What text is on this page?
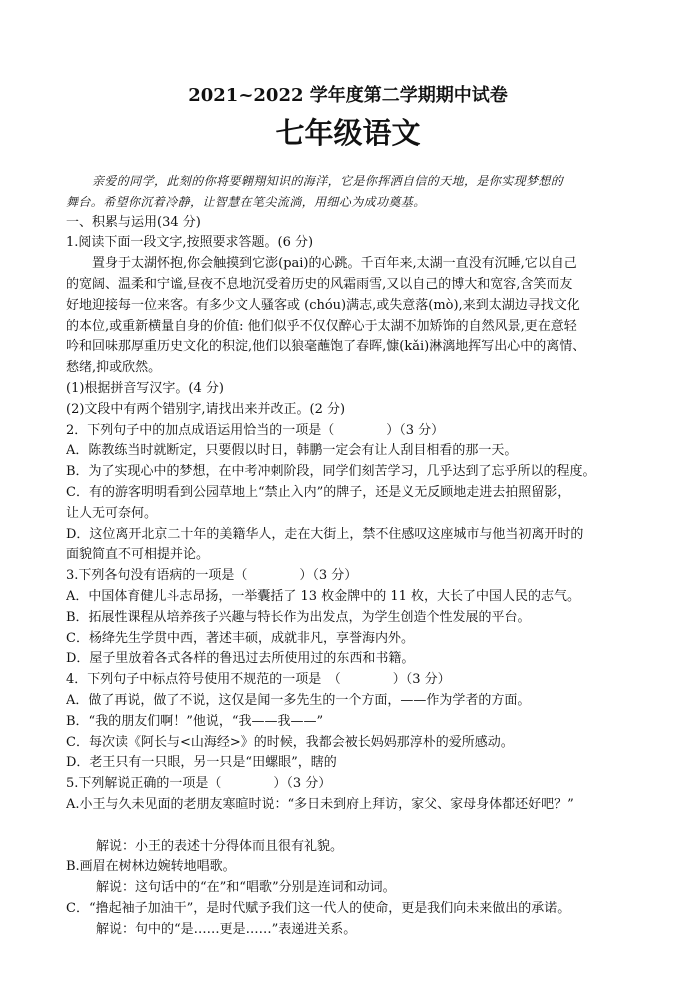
2021~2022 学年度第二学期期中试卷
七年级语文
亲爱的同学，此刻的你将要翱翔知识的海洋，它是你挥洒自信的天地，是你实现梦想的
舞台。希望你沉着冷静，让智慧在笔尖流淌，用细心为成功奠基。
一、积累与运用(34 分)
1.阅读下面一段文字,按照要求答题。(6 分)
置身于太湖怀抱,你会触摸到它澎(pai)的心跳。千百年来,太湖一直没有沉睡,它以自己
的宽阔、温柔和宁谧,昼夜不息地沉受着历史的风霜雨雪,又以自己的博大和宽容,含笑而友
好地迎接每一位来客。有多少文人骚客或 (chóu)满志,或失意落(mò),来到太湖边寻找文化
的本位,或重新横量自身的价值: 他们似乎不仅仅醉心于太湖不加矫饰的自然风景,更在意轻
吟和回味那厚重历史文化的积淀,他们以狼毫蘸饱了春晖,慷(kǎi)淋漓地挥写出心中的离情、
愁绪,抑或欣然。
(1)根据拼音写汉字。(4 分)
(2)文段中有两个错别字,请找出来并改正。(2 分)
2．下列句子中的加点成语运用恰当的一项是（　　　　）（3 分）
A．陈教练当时就断定，只要假以时日，韩鹏一定会有让人刮目相看的那一天。
B．为了实现心中的梦想，在中考冲刺阶段，同学们刻苦学习，几乎达到了忘乎所以的程度。
C．有的游客明明看到公园草地上“禁止入内”的牌子，还是义无反顾地走进去拍照留影，
让人无可奈何。
D．这位离开北京二十年的美籍华人，走在大街上，禁不住感叹这座城市与他当初离开时的
面貌简直不可相提并论。
3.下列各句没有语病的一项是（　　　　）（3 分）
A．中国体育健儿斗志昂扬，一举囊括了 13 枚金牌中的 11 枚，大长了中国人民的志气。
B．拓展性课程从培养孩子兴趣与特长作为出发点，为学生创造个性发展的平台。
C．杨绛先生学贯中西，著述丰硕，成就非凡，享誉海内外。
D．屋子里放着各式各样的鲁迅过去所使用过的东西和书籍。
4．下列句子中标点符号使用不规范的一项是　（　　　　）（3 分）
A．做了再说，做了不说，这仅是闻一多先生的一个方面，——作为学者的方面。
B．“我的朋友们啊！”他说，“我——我——”
C．每次读《阿长与<山海经>》的时候，我都会被长妈妈那淳朴的爱所感动。
D．老王只有一只眼，另一只是“田螺眼”，瞎的
5.下列解说正确的一项是（　　　　）（3 分）
A.小王与久未见面的老朋友寒暄时说：“多日未到府上拜访，家父、家母身体都还好吧？”
解说：小王的表述十分得体而且很有礼貌。
B.画眉在树林边婉转地唱歌。
解说：这句话中的“在”和“唱歌”分别是连词和动词。
C．“撸起袖子加油干”，是时代赋予我们这一代人的使命，更是我们向未来做出的承诺。
解说：句中的“是……更是……”表递进关系。
